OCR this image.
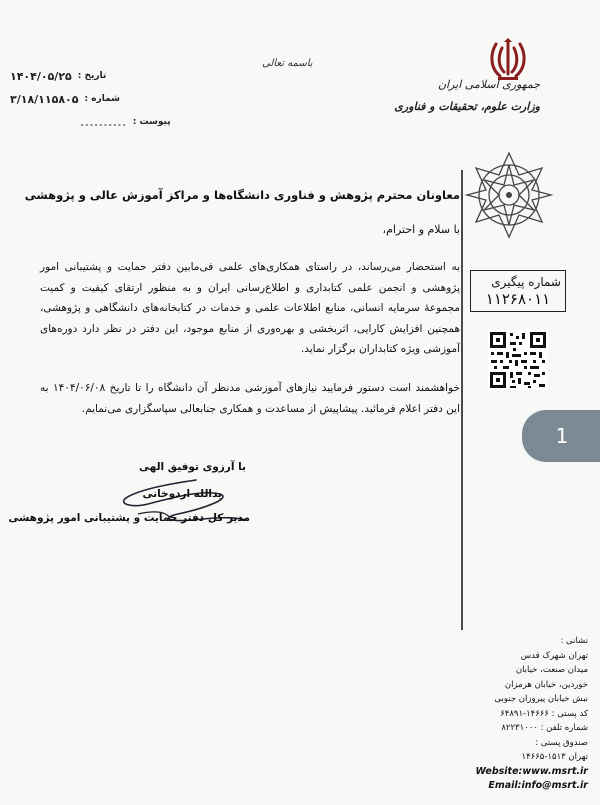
جمهوری اسلامی ایران
وزارت علوم، تحقیقات و فناوری
باسمه تعالی
۱۴۰۴/۰۵/۲۵ تاریخ :
۳/۱۸/۱۱۵۸۰۵ شماره :
.......... پیوست :
شماره پیگیری
۱۱۲۶۸۰۱۱
1
معاونان محترم پژوهش و فناوری دانشگاه‌ها و مراکز آموزش عالی و پژوهشی
با سلام و احترام،
به استحضار می‌رساند، در راستای همکاری‌های علمی فی‌مابین دفتر حمایت و پشتیبانی امور پژوهشی و انجمن علمی کتابداری و اطلاع‌رسانی ایران و به منظور ارتقای کیفیت و کمیت مجموعهٔ سرمایه انسانی، منابع اطلاعات علمی و خدمات در کتابخانه‌های دانشگاهی و پژوهشی، همچنین افزایش کارایی، اثربخشی و بهره‌وری از منابع موجود، این دفتر در نظر دارد دوره‌های آموزشی ویژه کتابداران برگزار نماید.
خواهشمند است دستور فرمایید نیازهای آموزشی مدنظر آن دانشگاه را تا تاریخ ۱۴۰۴/۰۶/۰۸ به این دفتر اعلام فرمائید. پیشاپیش از مساعدت و همکاری جنابعالی سپاسگزاری می‌نمایم.
با آرزوی توفیق الهی
یدالله اردوخانی
مدیر کل دفتر حمایت و پشتیبانی امور پژوهشی
نشانی :
تهران شهرک قدس
میدان صنعت، خیابان
خوردین، خیابان هرمزان
نبش خیابان پیروزان جنوبی
کد پستی : ۱۴۶۶۶-۶۴۸۹۱
شماره تلفن : ۸۲۲۳۱۰۰۰
صندوق پستی :
تهران ۱۵۱۳-۱۴۶۶۵
Website:www.msrt.ir
Email:info@msrt.ir
